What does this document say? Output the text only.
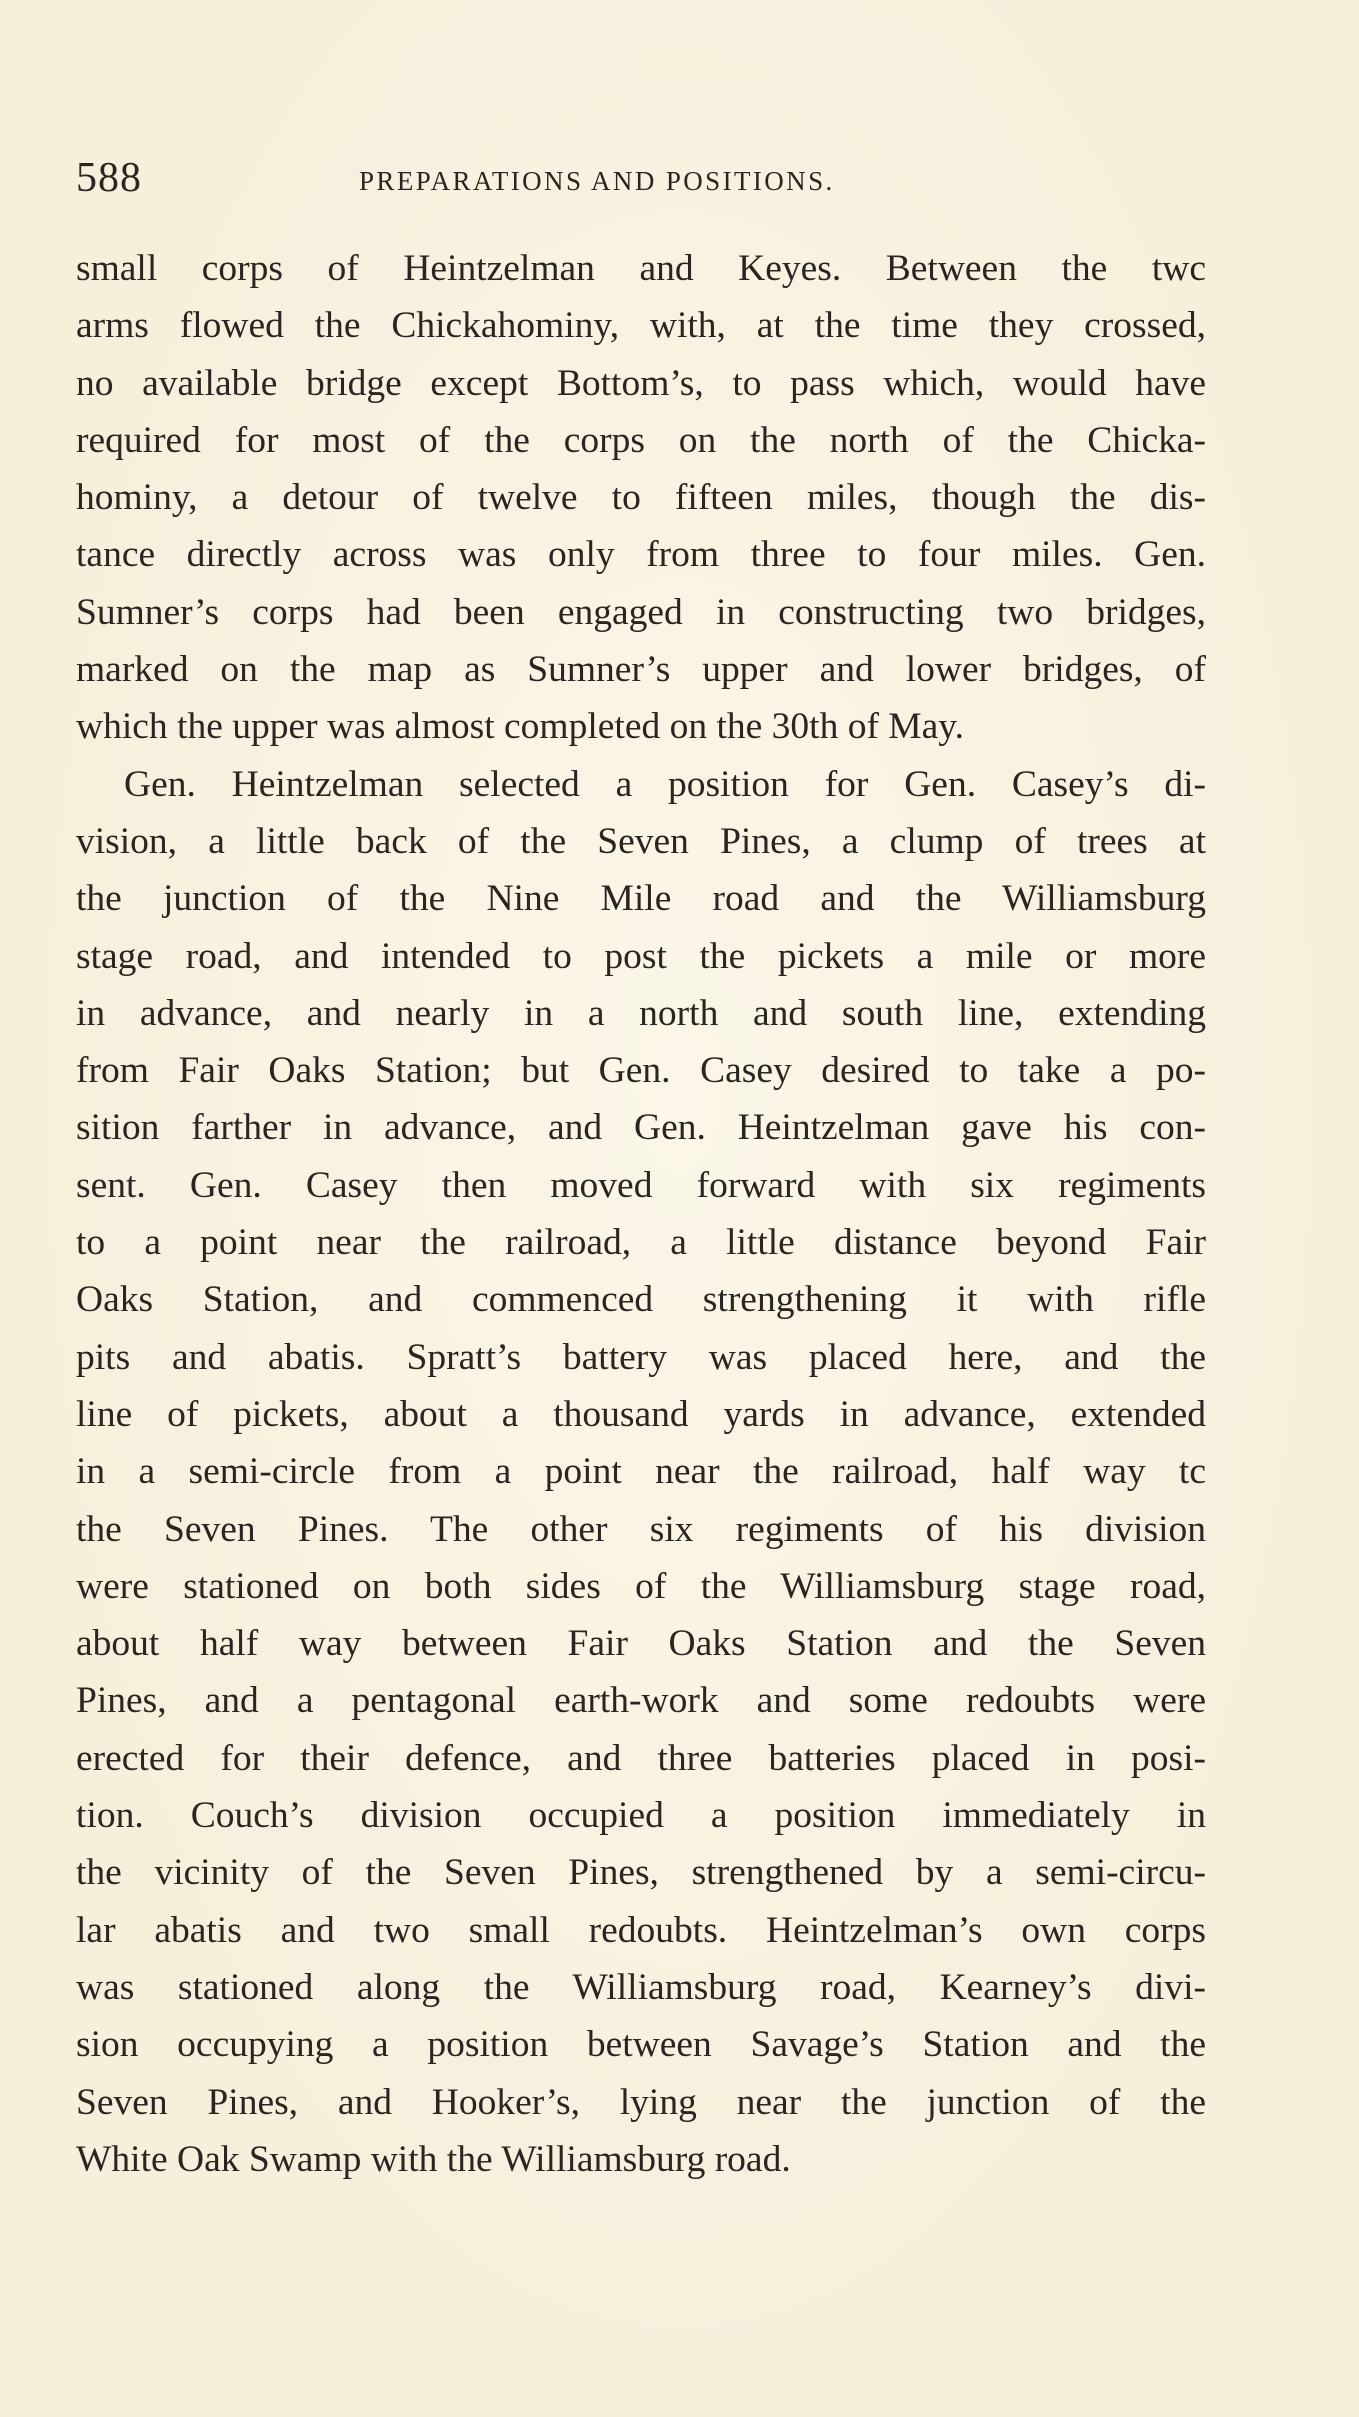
588	PREPARATIONS AND POSITIONS.
small corps of Heintzelman and Keyes. Between the twc
arms flowed the Chickahominy, with, at the time they crossed,
no available bridge except Bottom’s, to pass which, would have
required for most of the corps on the north of the Chicka-
hominy, a detour of twelve to fifteen miles, though the dis-
tance directly across was only from three to four miles. Gen.
Sumner’s corps had been engaged in constructing two bridges,
marked on the map as Sumner’s upper and lower bridges, of
which the upper was almost completed on the 30th of May.
Gen. Heintzelman selected a position for Gen. Casey’s di-
vision, a little back of the Seven Pines, a clump of trees at
the junction of the Nine Mile road and the Williamsburg
stage road, and intended to post the pickets a mile or more
in advance, and nearly in a north and south line, extending
from Fair Oaks Station; but Gen. Casey desired to take a po-
sition farther in advance, and Gen. Heintzelman gave his con-
sent. Gen. Casey then moved forward with six regiments
to a point near the railroad, a little distance beyond Fair
Oaks Station, and commenced strengthening it with rifle
pits and abatis. Spratt’s battery was placed here, and the
line of pickets, about a thousand yards in advance, extended
in a semi-circle from a point near the railroad, half way tc
the Seven Pines. The other six regiments of his division
were stationed on both sides of the Williamsburg stage road,
about half way between Fair Oaks Station and the Seven
Pines, and a pentagonal earth-work and some redoubts were
erected for their defence, and three batteries placed in posi-
tion. Couch’s division occupied a position immediately in
the vicinity of the Seven Pines, strengthened by a semi-circu-
lar abatis and two small redoubts. Heintzelman’s own corps
was stationed along the Williamsburg road, Kearney’s divi-
sion occupying a position between Savage’s Station and the
Seven Pines, and Hooker’s, lying near the junction of the
White Oak Swamp with the Williamsburg road.
